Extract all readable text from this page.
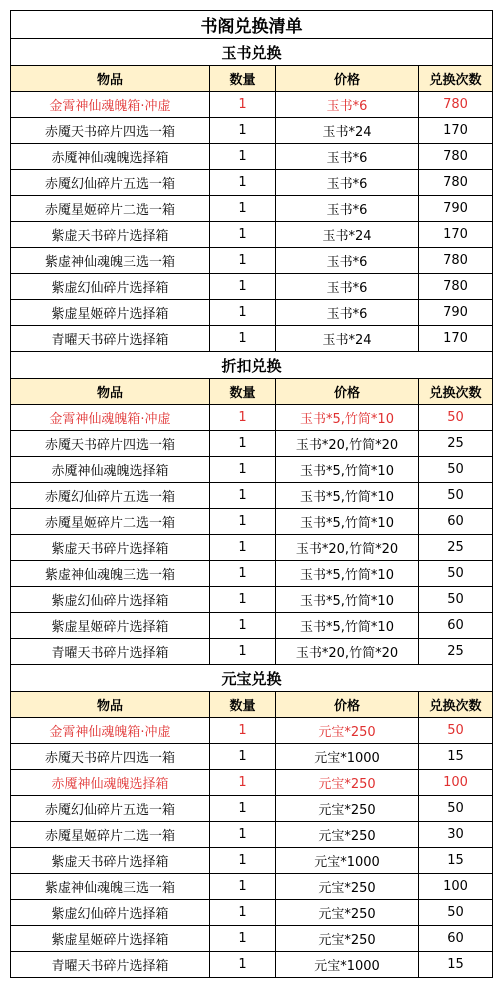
书阁兑换清单			
玉书兑换			
物品	数量	价格	兑换次数
金霄神仙魂魄箱·冲虚	1	玉书*6	780
赤魇天书碎片四选一箱	1	玉书*24	170
赤魇神仙魂魄选择箱	1	玉书*6	780
赤魇幻仙碎片五选一箱	1	玉书*6	780
赤魇星姬碎片二选一箱	1	玉书*6	790
紫虚天书碎片选择箱	1	玉书*24	170
紫虚神仙魂魄三选一箱	1	玉书*6	780
紫虚幻仙碎片选择箱	1	玉书*6	780
紫虚星姬碎片选择箱	1	玉书*6	790
青曜天书碎片选择箱	1	玉书*24	170
折扣兑换			
物品	数量	价格	兑换次数
金霄神仙魂魄箱·冲虚	1	玉书*5,竹简*10	50
赤魇天书碎片四选一箱	1	玉书*20,竹简*20	25
赤魇神仙魂魄选择箱	1	玉书*5,竹简*10	50
赤魇幻仙碎片五选一箱	1	玉书*5,竹简*10	50
赤魇星姬碎片二选一箱	1	玉书*5,竹简*10	60
紫虚天书碎片选择箱	1	玉书*20,竹简*20	25
紫虚神仙魂魄三选一箱	1	玉书*5,竹简*10	50
紫虚幻仙碎片选择箱	1	玉书*5,竹简*10	50
紫虚星姬碎片选择箱	1	玉书*5,竹简*10	60
青曜天书碎片选择箱	1	玉书*20,竹简*20	25
元宝兑换			
物品	数量	价格	兑换次数
金霄神仙魂魄箱·冲虚	1	元宝*250	50
赤魇天书碎片四选一箱	1	元宝*1000	15
赤魇神仙魂魄选择箱	1	元宝*250	100
赤魇幻仙碎片五选一箱	1	元宝*250	50
赤魇星姬碎片二选一箱	1	元宝*250	30
紫虚天书碎片选择箱	1	元宝*1000	15
紫虚神仙魂魄三选一箱	1	元宝*250	100
紫虚幻仙碎片选择箱	1	元宝*250	50
紫虚星姬碎片选择箱	1	元宝*250	60
青曜天书碎片选择箱	1	元宝*1000	15
